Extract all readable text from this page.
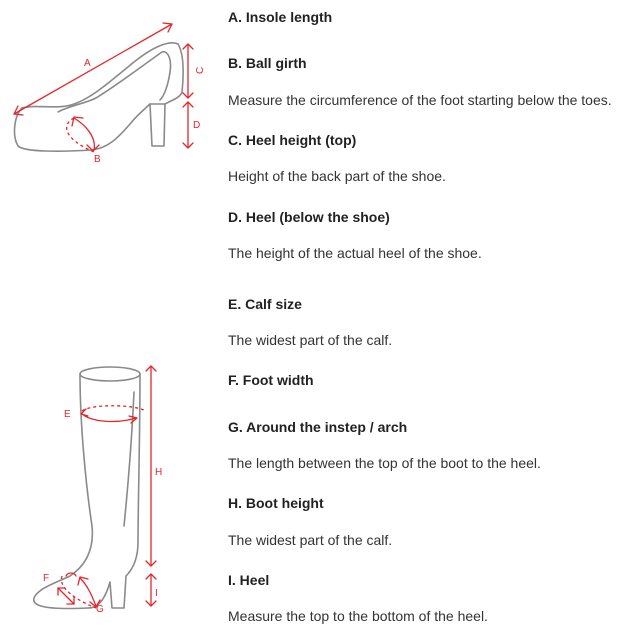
A
B
C
D
E
H
F
G
I

A. Insole length

B. Ball girth

Measure the circumference of the foot starting below the toes.

C. Heel height (top)

Height of the back part of the shoe.

D. Heel (below the shoe)

The height of the actual heel of the shoe.

E. Calf size

The widest part of the calf.

F. Foot width

G. Around the instep / arch

The length between the top of the boot to the heel.

H. Boot height

The widest part of the calf.

I. Heel

Measure the top to the bottom of the heel.
